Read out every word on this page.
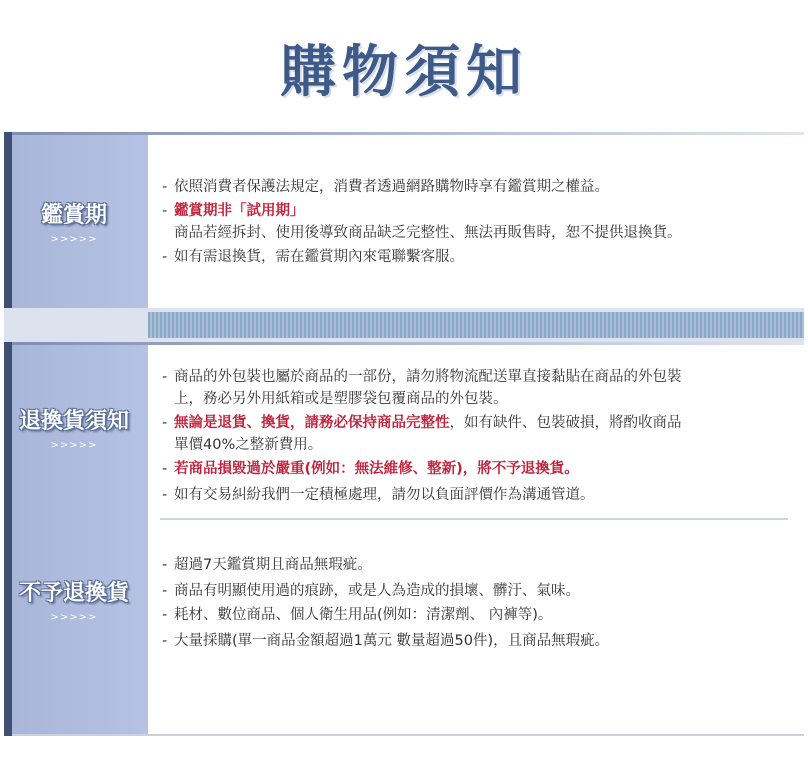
購物須知
鑑賞期
>>>>>
- 依照消費者保護法規定，消費者透過網路購物時享有鑑賞期之權益。
- 鑑賞期非「試用期」
商品若經拆封、使用後導致商品缺乏完整性、無法再販售時，恕不提供退換貨。
- 如有需退換貨，需在鑑賞期內來電聯繫客服。
退換貨須知
>>>>>
不予退換貨
>>>>>
- 商品的外包裝也屬於商品的一部份，請勿將物流配送單直接黏貼在商品的外包裝
上，務必另外用紙箱或是塑膠袋包覆商品的外包裝。
- 無論是退貨、換貨，請務必保持商品完整性，如有缺件、包裝破損，將酌收商品
單價40%之整新費用。
- 若商品損毀過於嚴重(例如：無法維修、整新)，將不予退換貨。
- 如有交易糾紛我們一定積極處理，請勿以負面評價作為溝通管道。
- 超過7天鑑賞期且商品無瑕疵。
- 商品有明顯使用過的痕跡，或是人為造成的損壞、髒汙、氣味。
- 耗材、數位商品、個人衛生用品(例如：清潔劑、 內褲等)。
- 大量採購(單一商品金額超過1萬元 數量超過50件)，且商品無瑕疵。
